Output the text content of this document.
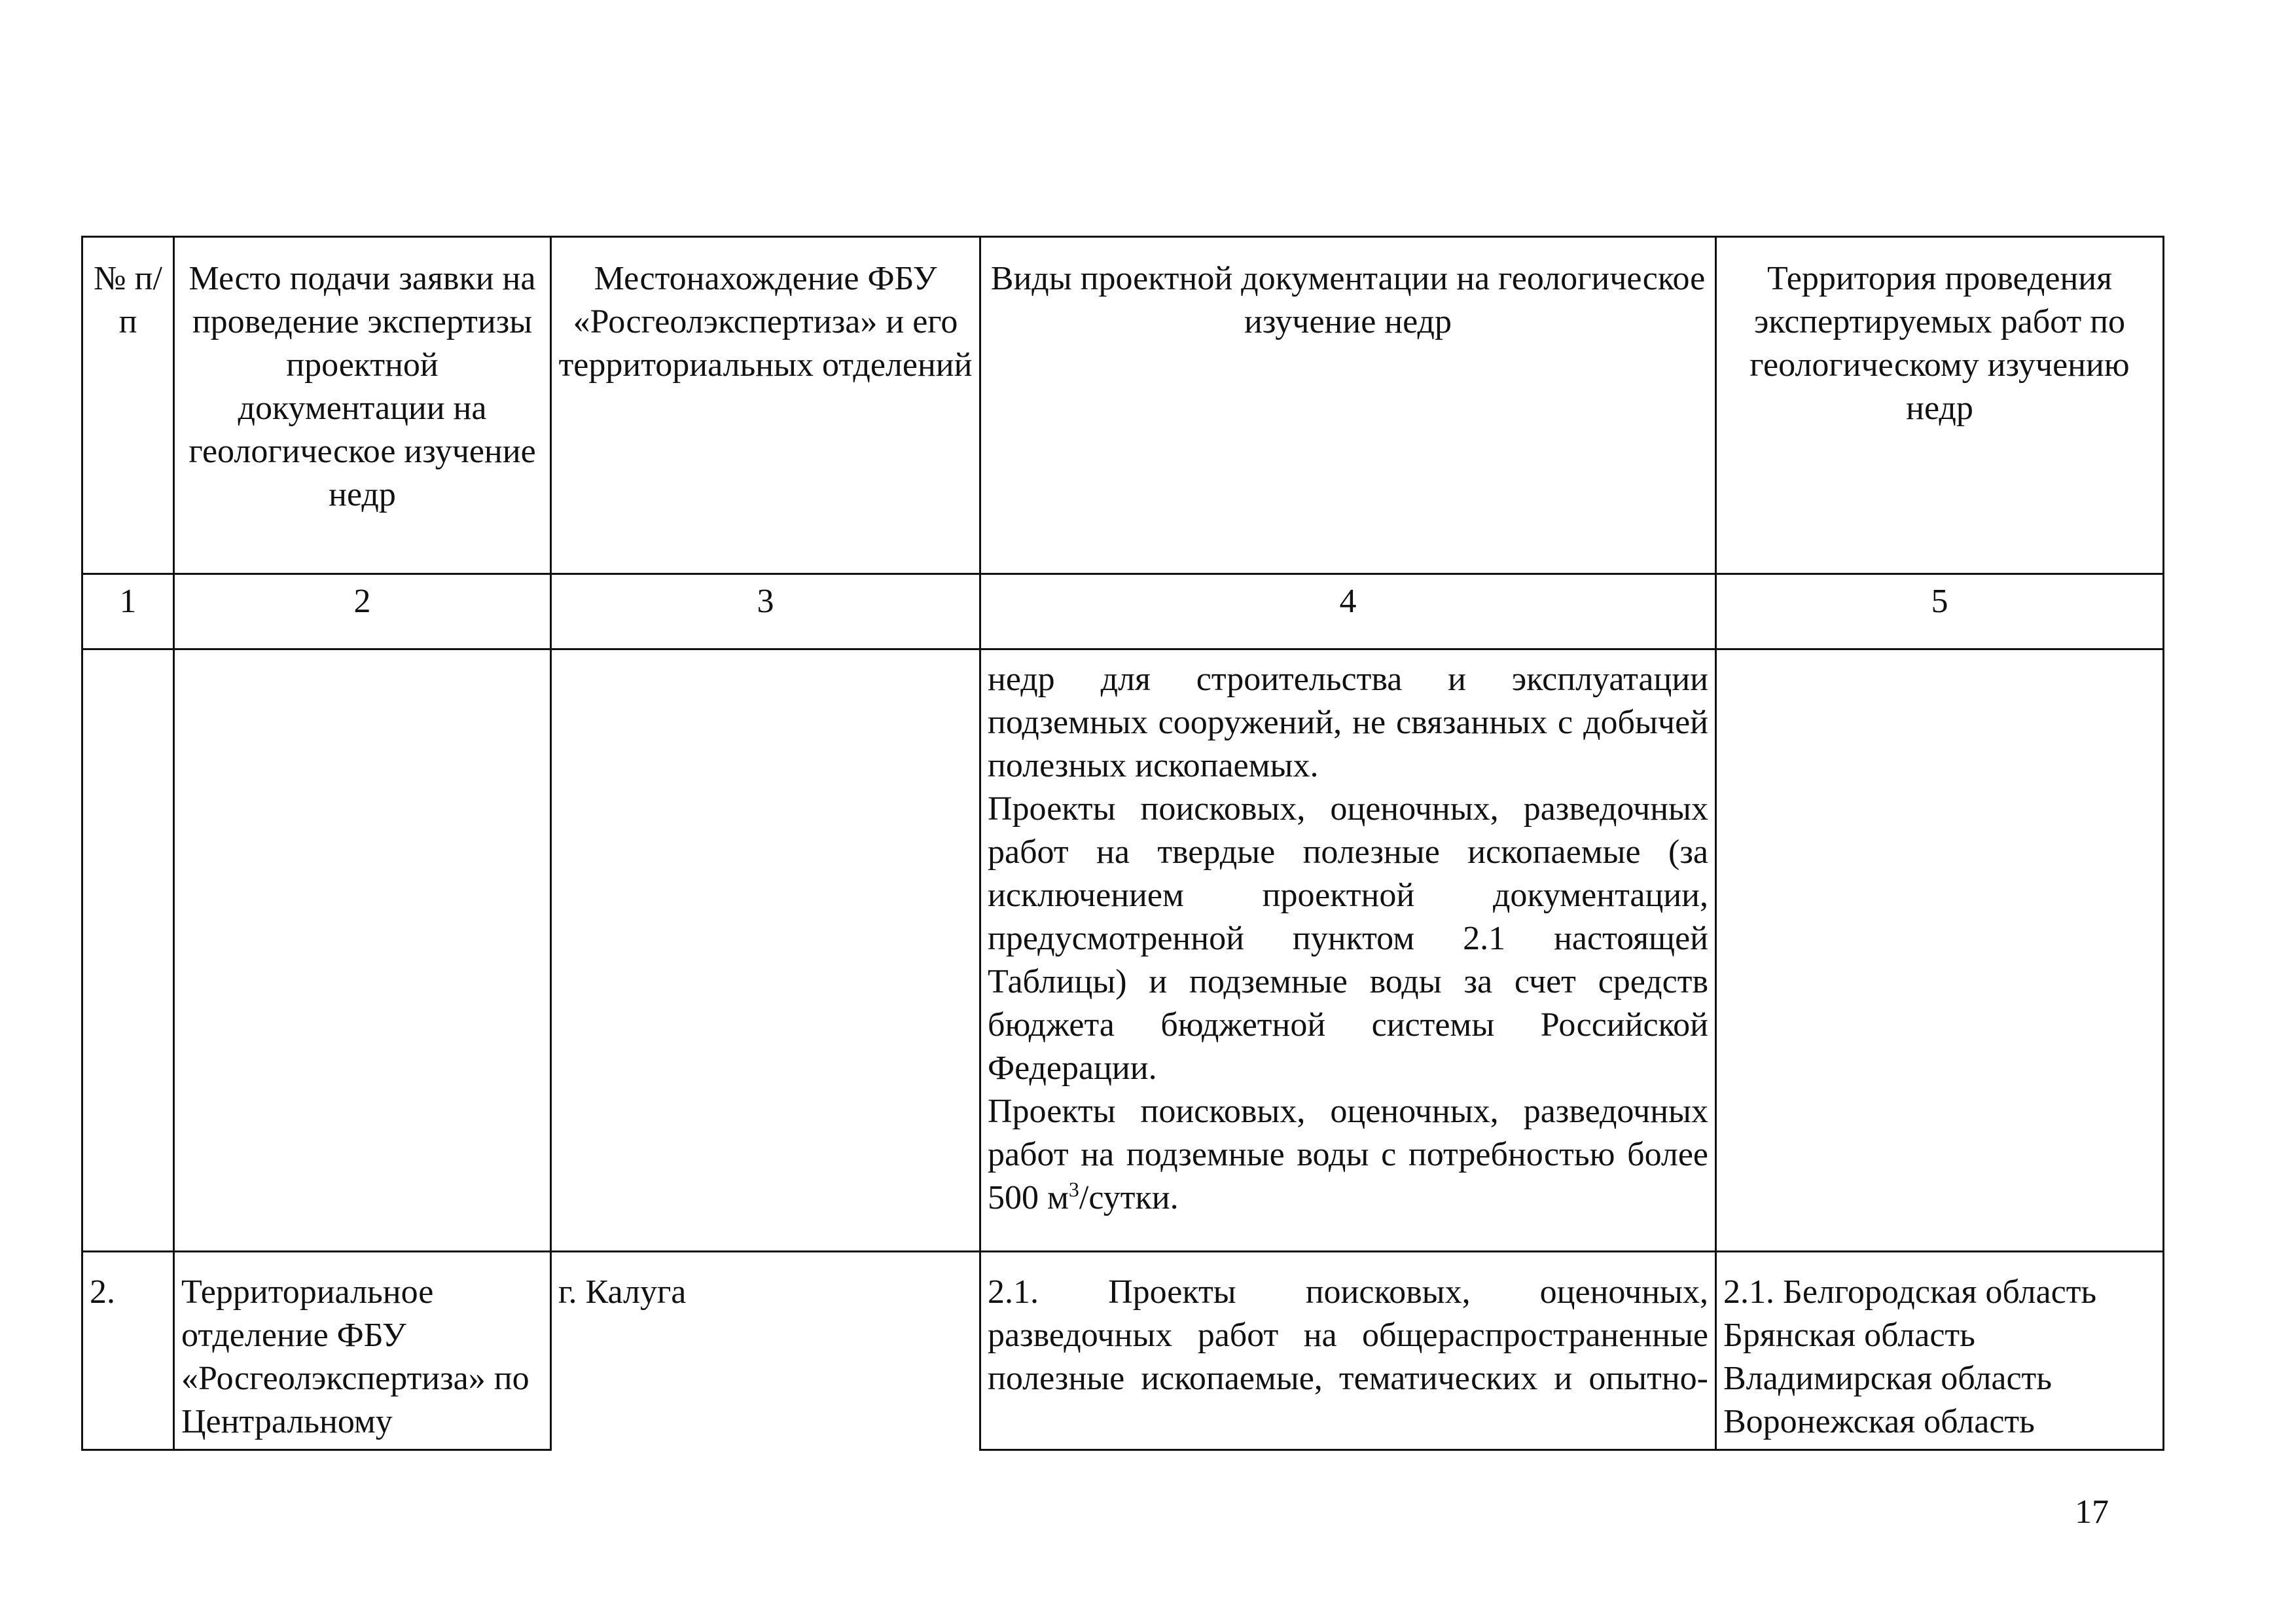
№ п/п	Место подачи заявки на проведение экспертизы проектной документации на геологическое изучение недр	Местонахождение ФБУ «Росгеолэкспертиза» и его территориальных отделений	Виды проектной документации на геологическое изучение недр	Территория проведения экспертируемых работ по геологическому изучению недр
1	2	3	4	5

			недр для строительства и эксплуатации подземных сооружений, не связанных с добычей полезных ископаемых.
Проекты поисковых, оценочных, разведочных работ на твердые полезные ископаемые (за исключением проектной документации, предусмотренной пунктом 2.1 настоящей Таблицы) и подземные воды за счет средств бюджета бюджетной системы Российской Федерации.
Проекты поисковых, оценочных, разведочных работ на подземные воды с потребностью более 500 $м^3$/сутки.	

2.	Территориальное отделение ФБУ «Росгеолэкспертиза» по Центральному	г. Калуга	2.1. Проекты поисковых, оценочных, разведочных работ на общераспространенные полезные ископаемые, тематических и опытно-	2.1. Белгородская область
Брянская область
Владимирская область
Воронежская область
17
